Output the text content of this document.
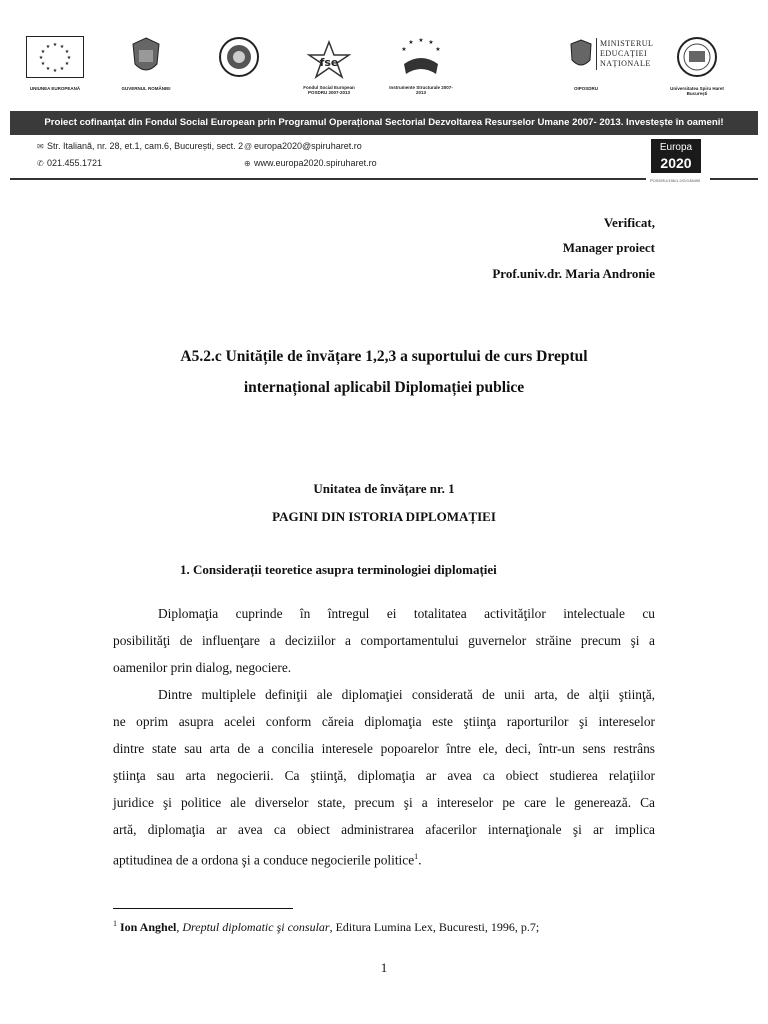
★ ★
★
★
★
★
★
★
★
★
★
★
UNIUNEA EUROPEANĂ	GUVERNUL ROMÂNIEI
fse
Fondul Social European POSDRU 2007-2013
★ ★
★
★
★
Instrumente Structurale 2007-2013
MINISTERUL
EDUCAȚIEI
NAȚIONALE
OIPOSDRU	Universitatea Spiru Haret București
Proiect cofinanțat din Fondul Social European prin Programul Operațional Sectorial Dezvoltarea Resurselor Umane 2007- 2013. Investește în oameni!
✉ Str. Italiană, nr. 28, et.1, cam.6, București, sect. 2
✆ 021.455.1721
@ europa2020@spiruharet.ro
⊕ www.europa2020.spiruharet.ro
Europa
2020
POSDRU/156/1.2/G/138490
Verificat,
Manager proiect
Prof.univ.dr. Maria Andronie
A5.2.c Unitățile de învățare 1,2,3 a suportului de curs Dreptul
internațional aplicabil Diplomației publice
Unitatea de învățare nr. 1
PAGINI DIN ISTORIA DIPLOMAȚIEI
1. Considerații teoretice asupra terminologiei diplomației
Diplomaţia cuprinde în întregul ei totalitatea activităţilor intelectuale cu
posibilităţi de influenţare a deciziilor a comportamentului guvernelor străine precum şi a
oamenilor prin dialog, negociere.
Dintre multiplele definiţii ale diplomaţiei considerată de unii arta, de alţii ştiinţă,
ne oprim asupra acelei conform căreia diplomaţia este ştiinţa raporturilor şi intereselor
dintre state sau arta de a concilia interesele popoarelor între ele, deci, într-un sens restrâns
ştiinţa sau arta negocierii. Ca ştiinţă, diplomaţia ar avea ca obiect studierea relaţiilor
juridice şi politice ale diverselor state, precum şi a intereselor pe care le generează. Ca
artă, diplomaţia ar avea ca obiect administrarea afacerilor internaţionale şi ar implica
aptitudinea de a ordona şi a conduce negocierile politice$^1$.
$^1$ Ion Anghel, Dreptul diplomatic şi consular, Editura Lumina Lex, Bucuresti, 1996, p.7;
1
